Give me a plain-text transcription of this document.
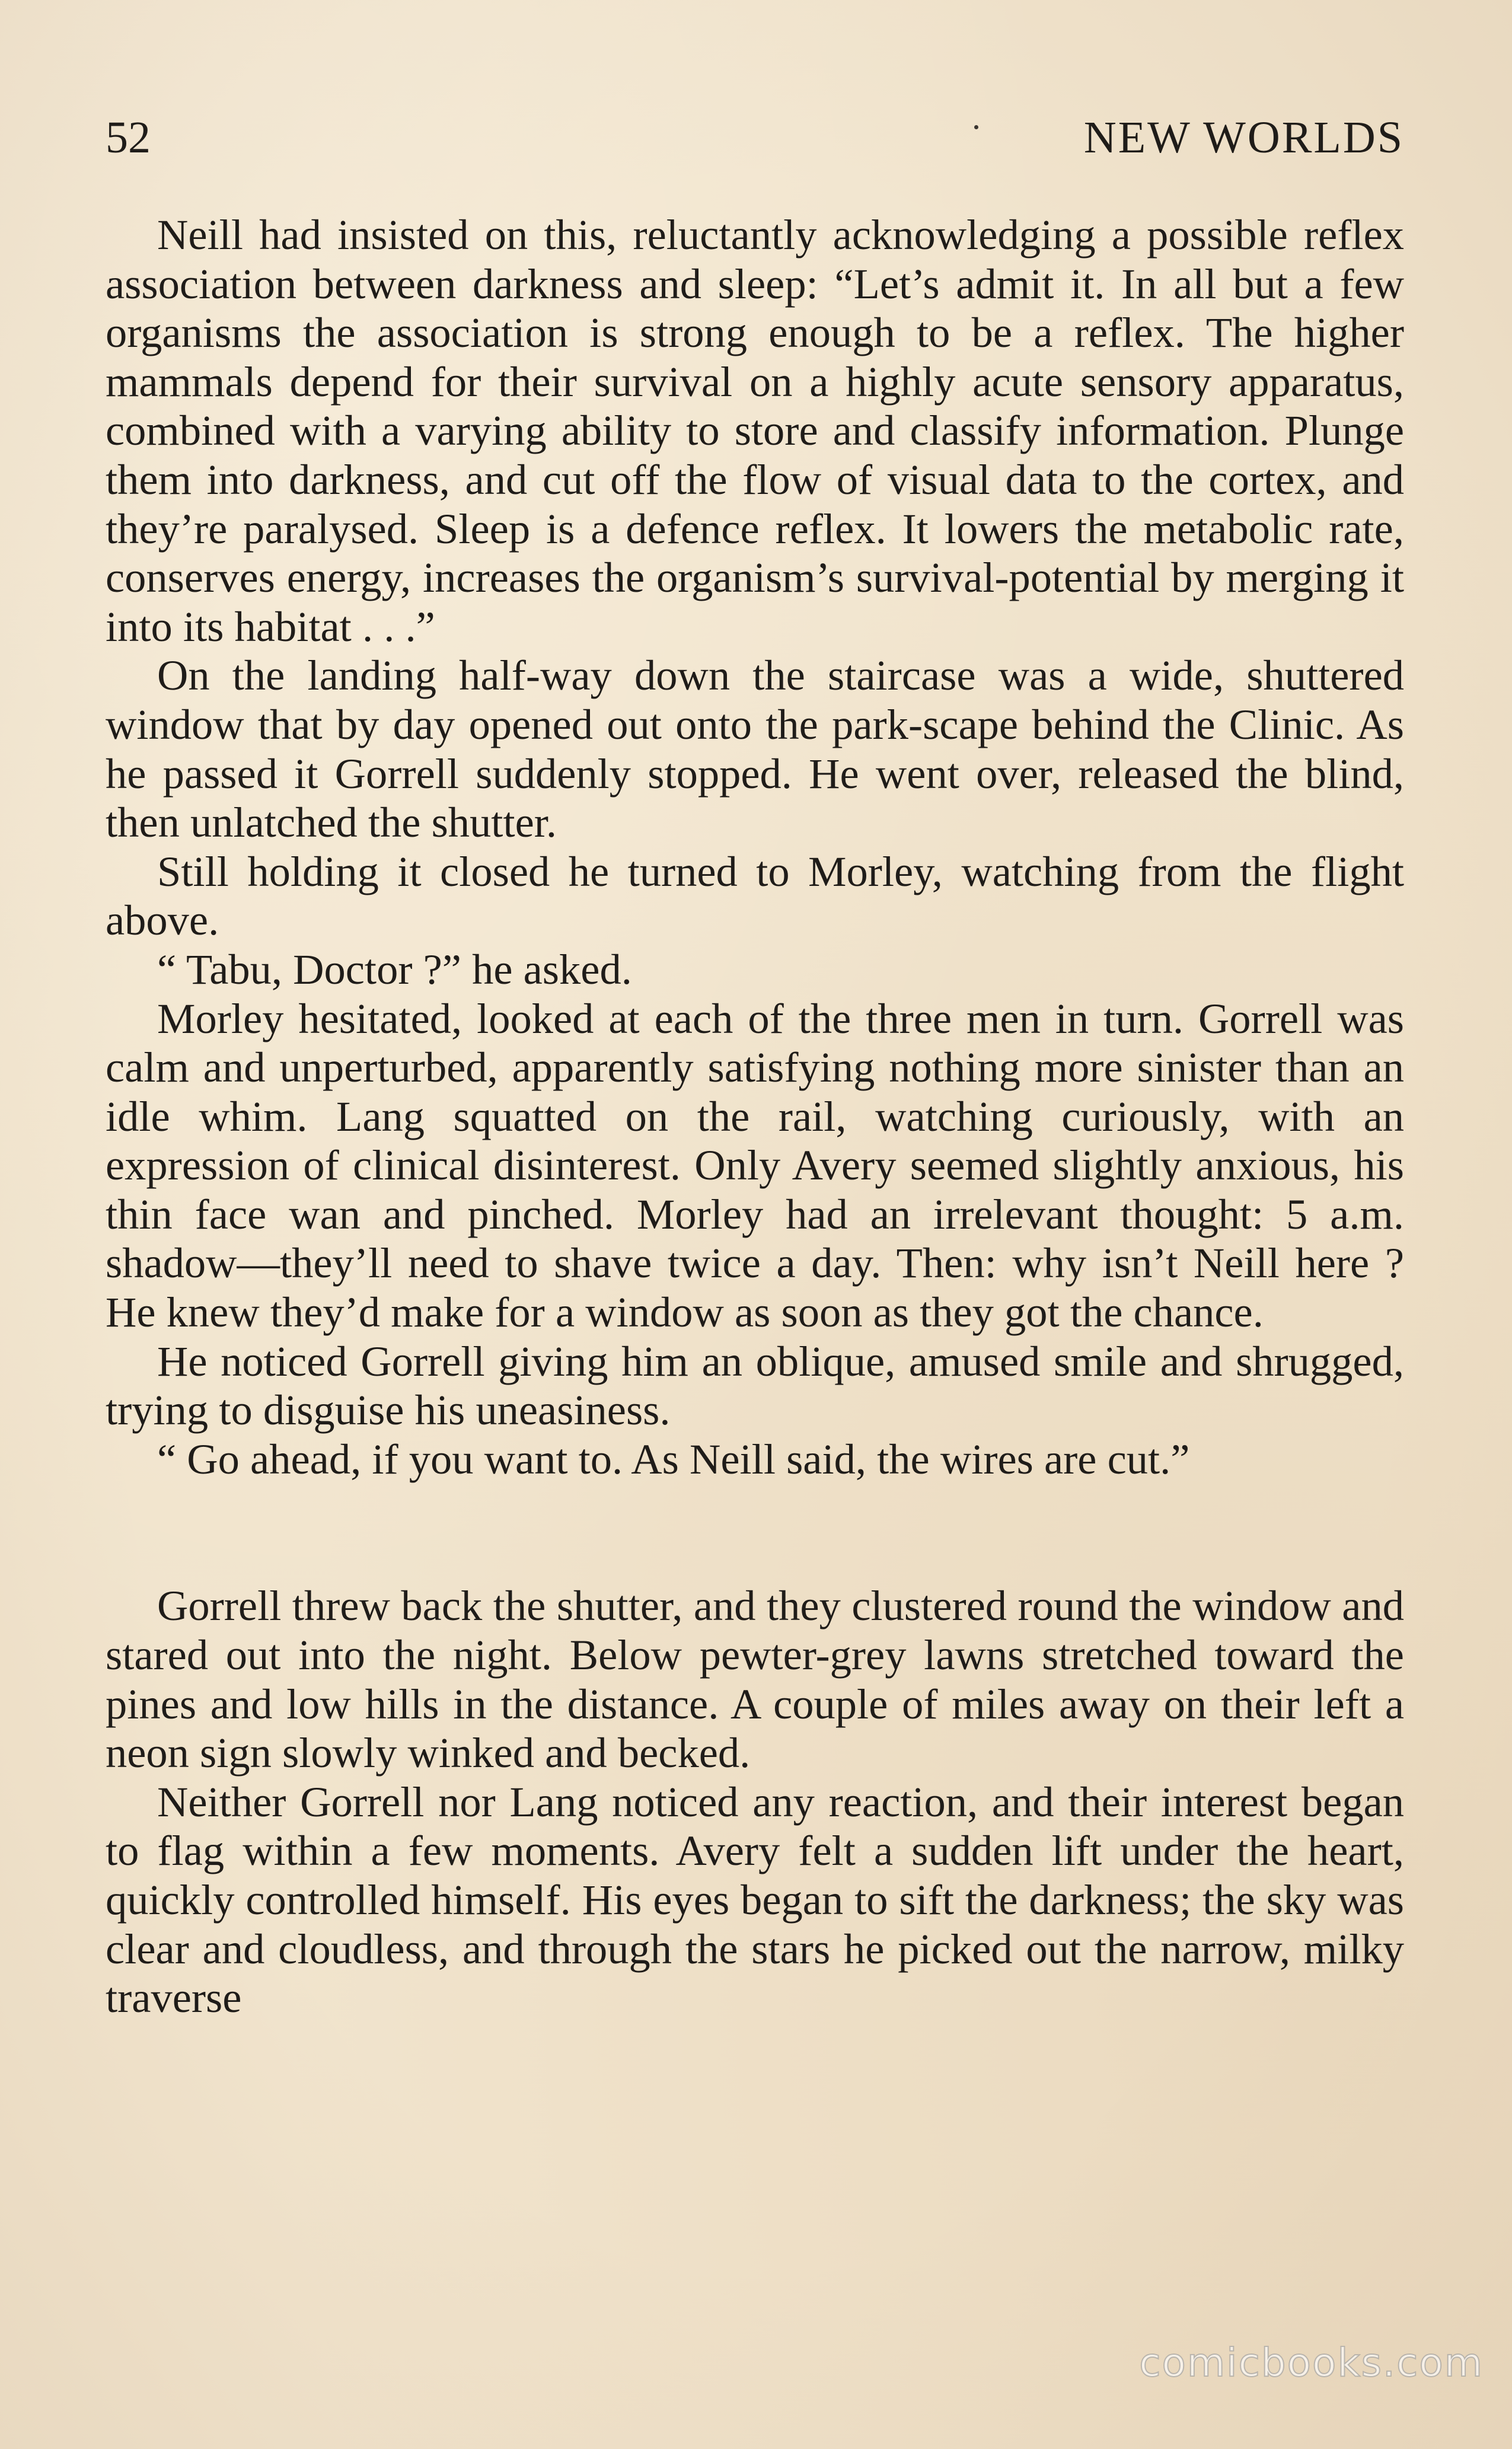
52	NEW WORLDS

Neill had insisted on this, reluctantly acknowledging a possible reflex association between darkness and sleep: “Let’s admit it. In all but a few organisms the association is strong enough to be a reflex. The higher mammals depend for their survival on a highly acute sensory apparatus, combined with a varying ability to store and classify information. Plunge them into darkness, and cut off the flow of visual data to the cortex, and they’re paralysed. Sleep is a defence reflex. It lowers the metabolic rate, conserves energy, increases the organism’s survival-potential by merging it into its habitat . . .”

On the landing half-way down the staircase was a wide, shuttered window that by day opened out onto the park-scape behind the Clinic. As he passed it Gorrell suddenly stopped. He went over, released the blind, then unlatched the shutter.

Still holding it closed he turned to Morley, watching from the flight above.

“ Tabu, Doctor ?” he asked.

Morley hesitated, looked at each of the three men in turn. Gorrell was calm and unperturbed, apparently satisfying nothing more sinister than an idle whim. Lang squatted on the rail, watching curiously, with an expression of clinical disinterest. Only Avery seemed slightly anxious, his thin face wan and pinched. Morley had an irrelevant thought: 5 a.m. shadow—they’ll need to shave twice a day. Then: why isn’t Neill here ? He knew they’d make for a window as soon as they got the chance.

He noticed Gorrell giving him an oblique, amused smile and shrugged, trying to disguise his uneasiness.

“ Go ahead, if you want to. As Neill said, the wires are cut.”

Gorrell threw back the shutter, and they clustered round the window and stared out into the night. Below pewter-grey lawns stretched toward the pines and low hills in the distance. A couple of miles away on their left a neon sign slowly winked and becked.

Neither Gorrell nor Lang noticed any reaction, and their interest began to flag within a few moments. Avery felt a sudden lift under the heart, quickly controlled himself. His eyes began to sift the darkness; the sky was clear and cloudless, and through the stars he picked out the narrow, milky traverse

comicbooks.com
